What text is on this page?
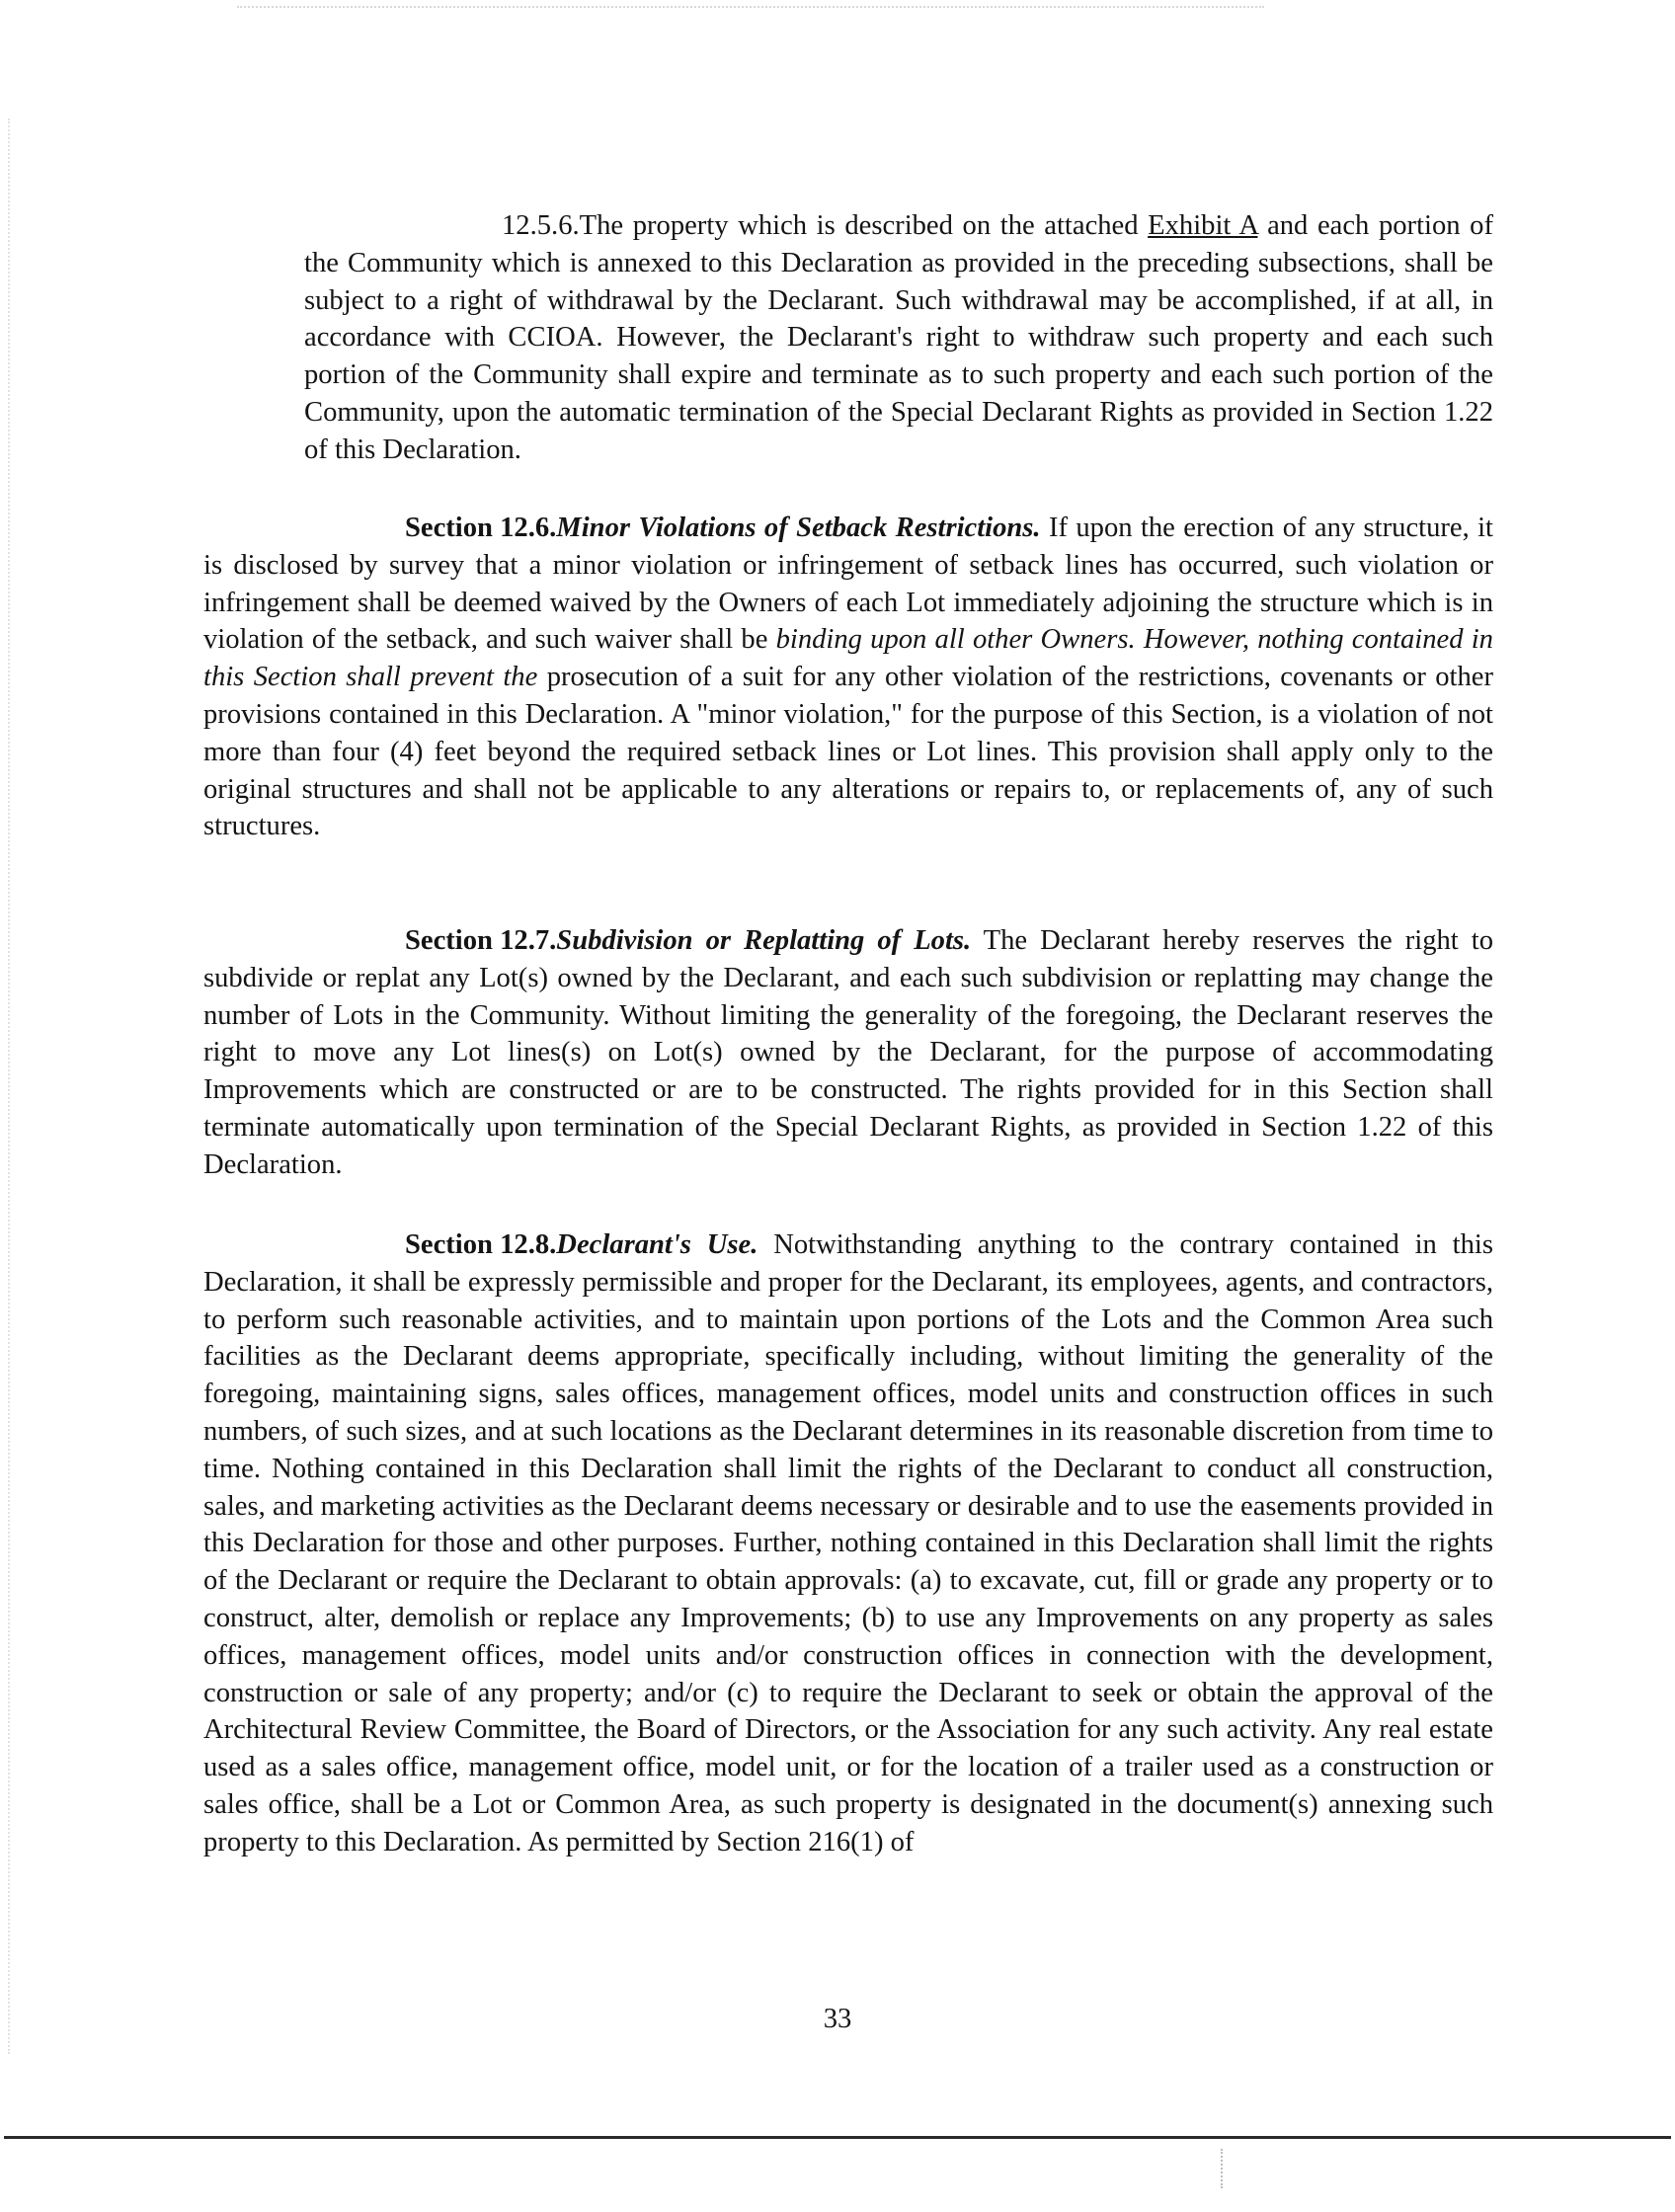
12.5.6.The property which is described on the attached Exhibit A and each portion of the Community which is annexed to this Declaration as provided in the preceding subsections, shall be subject to a right of withdrawal by the Declarant. Such withdrawal may be accomplished, if at all, in accordance with CCIOA. However, the Declarant's right to withdraw such property and each such portion of the Community shall expire and terminate as to such property and each such portion of the Community, upon the automatic termination of the Special Declarant Rights as provided in Section 1.22 of this Declaration.

Section 12.6.Minor Violations of Setback Restrictions. If upon the erection of any structure, it is disclosed by survey that a minor violation or infringement of setback lines has occurred, such violation or infringement shall be deemed waived by the Owners of each Lot immediately adjoining the structure which is in violation of the setback, and such waiver shall be binding upon all other Owners. However, nothing contained in this Section shall prevent the prosecution of a suit for any other violation of the restrictions, covenants or other provisions contained in this Declaration. A "minor violation," for the purpose of this Section, is a violation of not more than four (4) feet beyond the required setback lines or Lot lines. This provision shall apply only to the original structures and shall not be applicable to any alterations or repairs to, or replacements of, any of such structures.

Section 12.7.Subdivision or Replatting of Lots. The Declarant hereby reserves the right to subdivide or replat any Lot(s) owned by the Declarant, and each such subdivision or replatting may change the number of Lots in the Community. Without limiting the generality of the foregoing, the Declarant reserves the right to move any Lot lines(s) on Lot(s) owned by the Declarant, for the purpose of accommodating Improvements which are constructed or are to be constructed. The rights provided for in this Section shall terminate automatically upon termination of the Special Declarant Rights, as provided in Section 1.22 of this Declaration.

Section 12.8.Declarant's Use. Notwithstanding anything to the contrary contained in this Declaration, it shall be expressly permissible and proper for the Declarant, its employees, agents, and contractors, to perform such reasonable activities, and to maintain upon portions of the Lots and the Common Area such facilities as the Declarant deems appropriate, specifically including, without limiting the generality of the foregoing, maintaining signs, sales offices, management offices, model units and construction offices in such numbers, of such sizes, and at such locations as the Declarant determines in its reasonable discretion from time to time. Nothing contained in this Declaration shall limit the rights of the Declarant to conduct all construction, sales, and marketing activities as the Declarant deems necessary or desirable and to use the easements provided in this Declaration for those and other purposes. Further, nothing contained in this Declaration shall limit the rights of the Declarant or require the Declarant to obtain approvals: (a) to excavate, cut, fill or grade any property or to construct, alter, demolish or replace any Improvements; (b) to use any Improvements on any property as sales offices, management offices, model units and/or construction offices in connection with the development, construction or sale of any property; and/or (c) to require the Declarant to seek or obtain the approval of the Architectural Review Committee, the Board of Directors, or the Association for any such activity. Any real estate used as a sales office, management office, model unit, or for the location of a trailer used as a construction or sales office, shall be a Lot or Common Area, as such property is designated in the document(s) annexing such property to this Declaration. As permitted by Section 216(1) of

33
